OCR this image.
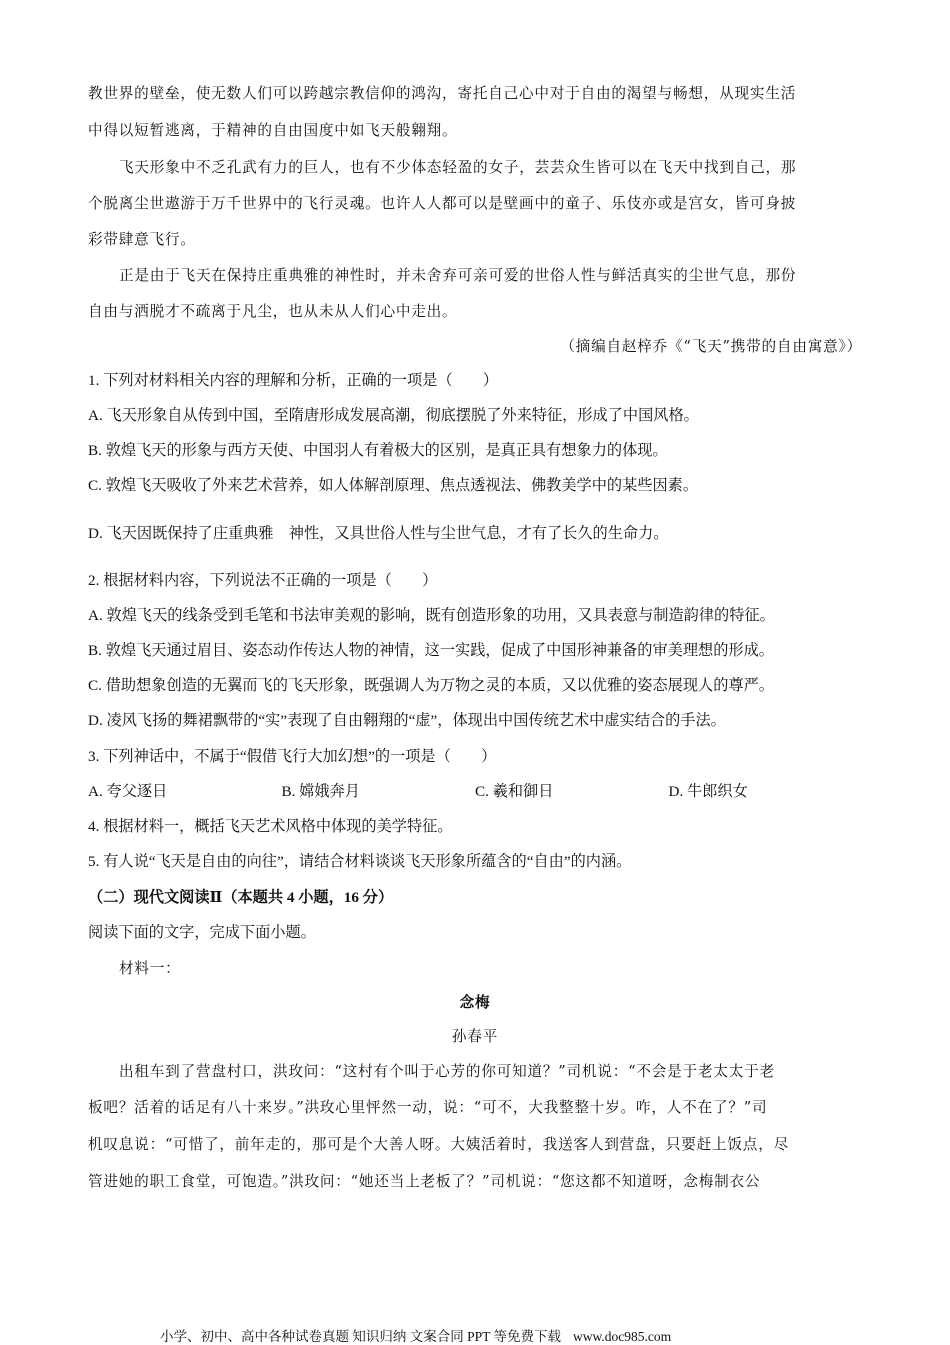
教世界的壁垒，使无数人们可以跨越宗教信仰的鸿沟，寄托自己心中对于自由的渴望与畅想，从现实生活

中得以短暂逃离，于精神的自由国度中如飞天般翱翔。

飞天形象中不乏孔武有力的巨人，也有不少体态轻盈的女子，芸芸众生皆可以在飞天中找到自己，那

个脱离尘世遨游于万千世界中的飞行灵魂。也许人人都可以是壁画中的童子、乐伎亦或是宫女，皆可身披

彩带肆意飞行。

正是由于飞天在保持庄重典雅的神性时，并未舍弃可亲可爱的世俗人性与鲜活真实的尘世气息，那份

自由与洒脱才不疏离于凡尘，也从未从人们心中走出。

（摘编自赵梓乔《“飞天”携带的自由寓意》）

1. 下列对材料相关内容的理解和分析，正确的一项是（　　）

A. 飞天形象自从传到中国，至隋唐形成发展高潮，彻底摆脱了外来特征，形成了中国风格。

B. 敦煌飞天的形象与西方天使、中国羽人有着极大的区别，是真正具有想象力的体现。

C. 敦煌飞天吸收了外来艺术营养，如人体解剖原理、焦点透视法、佛教美学中的某些因素。

D. 飞天因既保持了庄重典雅　神性，又具世俗人性与尘世气息，才有了长久的生命力。

2. 根据材料内容，下列说法不正确的一项是（　　）

A. 敦煌飞天的线条受到毛笔和书法审美观的影响，既有创造形象的功用，又具表意与制造韵律的特征。

B. 敦煌飞天通过眉目、姿态动作传达人物的神情，这一实践，促成了中国形神兼备的审美理想的形成。

C. 借助想象创造的无翼而飞的飞天形象，既强调人为万物之灵的本质，又以优雅的姿态展现人的尊严。

D. 凌风飞扬的舞裙飘带的“实”表现了自由翱翔的“虚”，体现出中国传统艺术中虚实结合的手法。

3. 下列神话中，不属于“假借飞行大加幻想”的一项是（　　）

A. 夸父逐日	B. 嫦娥奔月	C. 羲和御日	D. 牛郎织女

4. 根据材料一，概括飞天艺术风格中体现的美学特征。

5. 有人说“飞天是自由的向往”，请结合材料谈谈飞天形象所蕴含的“自由”的内涵。

（二）现代文阅读Ⅱ（本题共 4 小题，16 分）

阅读下面的文字，完成下面小题。

材料一：

念梅

孙春平

出租车到了营盘村口，洪玫问：“这村有个叫于心芳的你可知道？”司机说：“不会是于老太太于老

板吧？活着的话足有八十来岁。”洪玫心里怦然一动，说：“可不，大我整整十岁。咋，人不在了？”司

机叹息说：“可惜了，前年走的，那可是个大善人呀。大姨活着时，我送客人到营盘，只要赶上饭点，尽

管进她的职工食堂，可饱造。”洪玫问：“她还当上老板了？”司机说：“您这都不知道呀，念梅制衣公

小学、初中、高中各种试卷真题 知识归纳 文案合同 PPT 等免费下载 www.doc985.com
